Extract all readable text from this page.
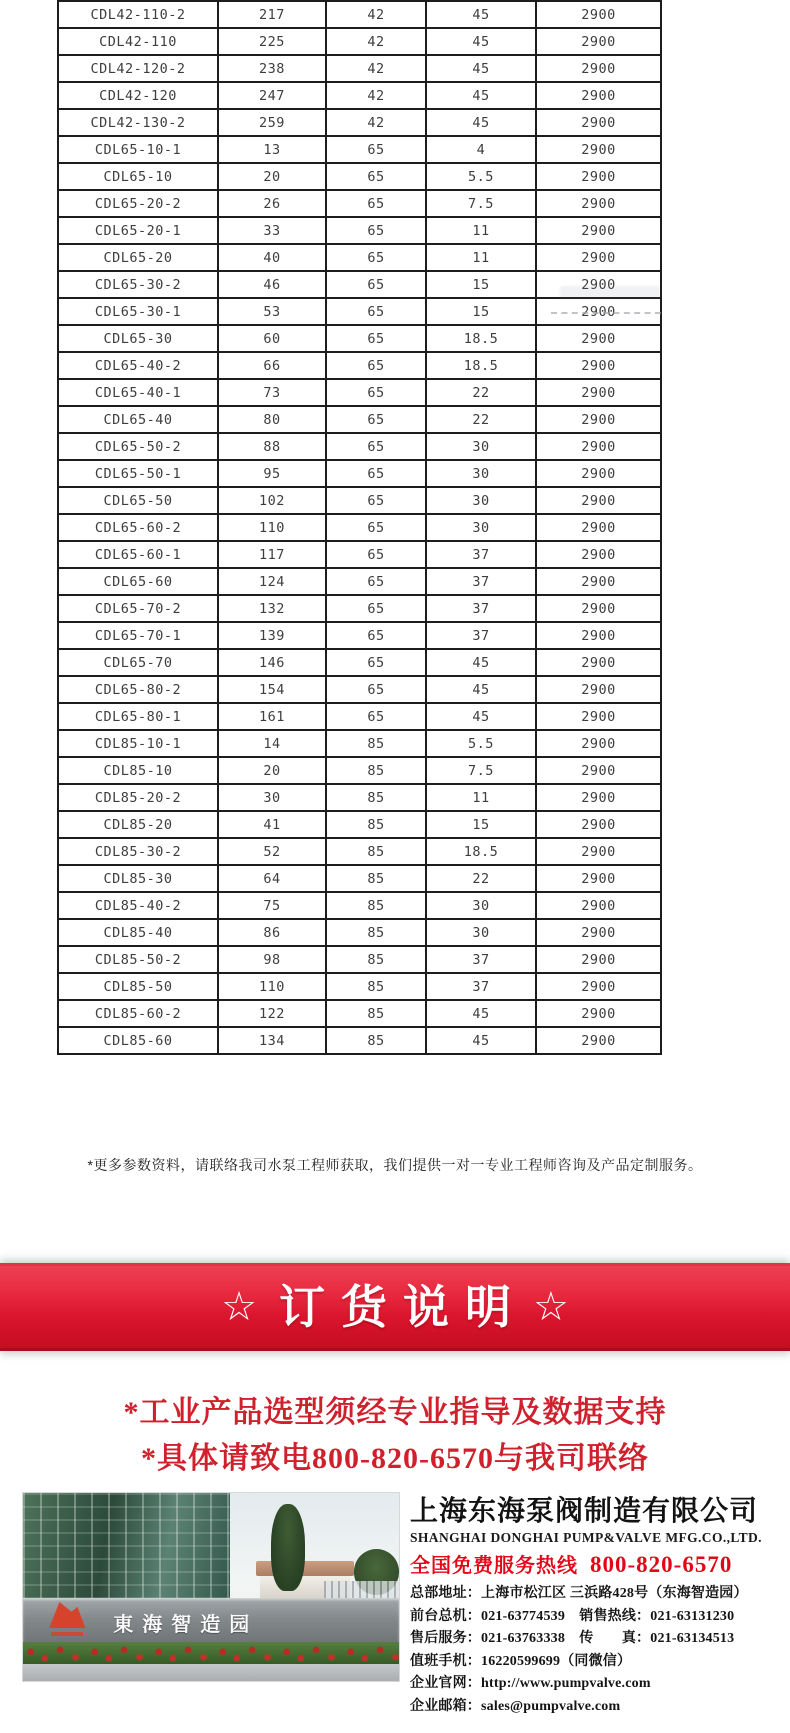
CDL42-110-2	217	42	45	2900
CDL42-110	225	42	45	2900
CDL42-120-2	238	42	45	2900
CDL42-120	247	42	45	2900
CDL42-130-2	259	42	45	2900
CDL65-10-1	13	65	4	2900
CDL65-10	20	65	5.5	2900
CDL65-20-2	26	65	7.5	2900
CDL65-20-1	33	65	11	2900
CDL65-20	40	65	11	2900
CDL65-30-2	46	65	15	2900
CDL65-30-1	53	65	15	2900
CDL65-30	60	65	18.5	2900
CDL65-40-2	66	65	18.5	2900
CDL65-40-1	73	65	22	2900
CDL65-40	80	65	22	2900
CDL65-50-2	88	65	30	2900
CDL65-50-1	95	65	30	2900
CDL65-50	102	65	30	2900
CDL65-60-2	110	65	30	2900
CDL65-60-1	117	65	37	2900
CDL65-60	124	65	37	2900
CDL65-70-2	132	65	37	2900
CDL65-70-1	139	65	37	2900
CDL65-70	146	65	45	2900
CDL65-80-2	154	65	45	2900
CDL65-80-1	161	65	45	2900
CDL85-10-1	14	85	5.5	2900
CDL85-10	20	85	7.5	2900
CDL85-20-2	30	85	11	2900
CDL85-20	41	85	15	2900
CDL85-30-2	52	85	18.5	2900
CDL85-30	64	85	22	2900
CDL85-40-2	75	85	30	2900
CDL85-40	86	85	30	2900
CDL85-50-2	98	85	37	2900
CDL85-50	110	85	37	2900
CDL85-60-2	122	85	45	2900
CDL85-60	134	85	45	2900
*更多参数资料，请联络我司水泵工程师获取，我们提供一对一专业工程师咨询及产品定制服务。
☆ 订货说明 ☆
*工业产品选型须经专业指导及数据支持
*具体请致电800-820-6570与我司联络
東海智造园
上海东海泵阀制造有限公司
SHANGHAI DONGHAI PUMP&VALVE MFG.CO.,LTD.
全国免费服务热线 800-820-6570
总部地址：上海市松江区 三浜路428号（东海智造园）
前台总机：021-63774539　销售热线：021-63131230
售后服务：021-63763338　传　　真：021-63134513
值班手机：16220599699（同微信）
企业官网：http://www.pumpvalve.com
企业邮箱：sales@pumpvalve.com
